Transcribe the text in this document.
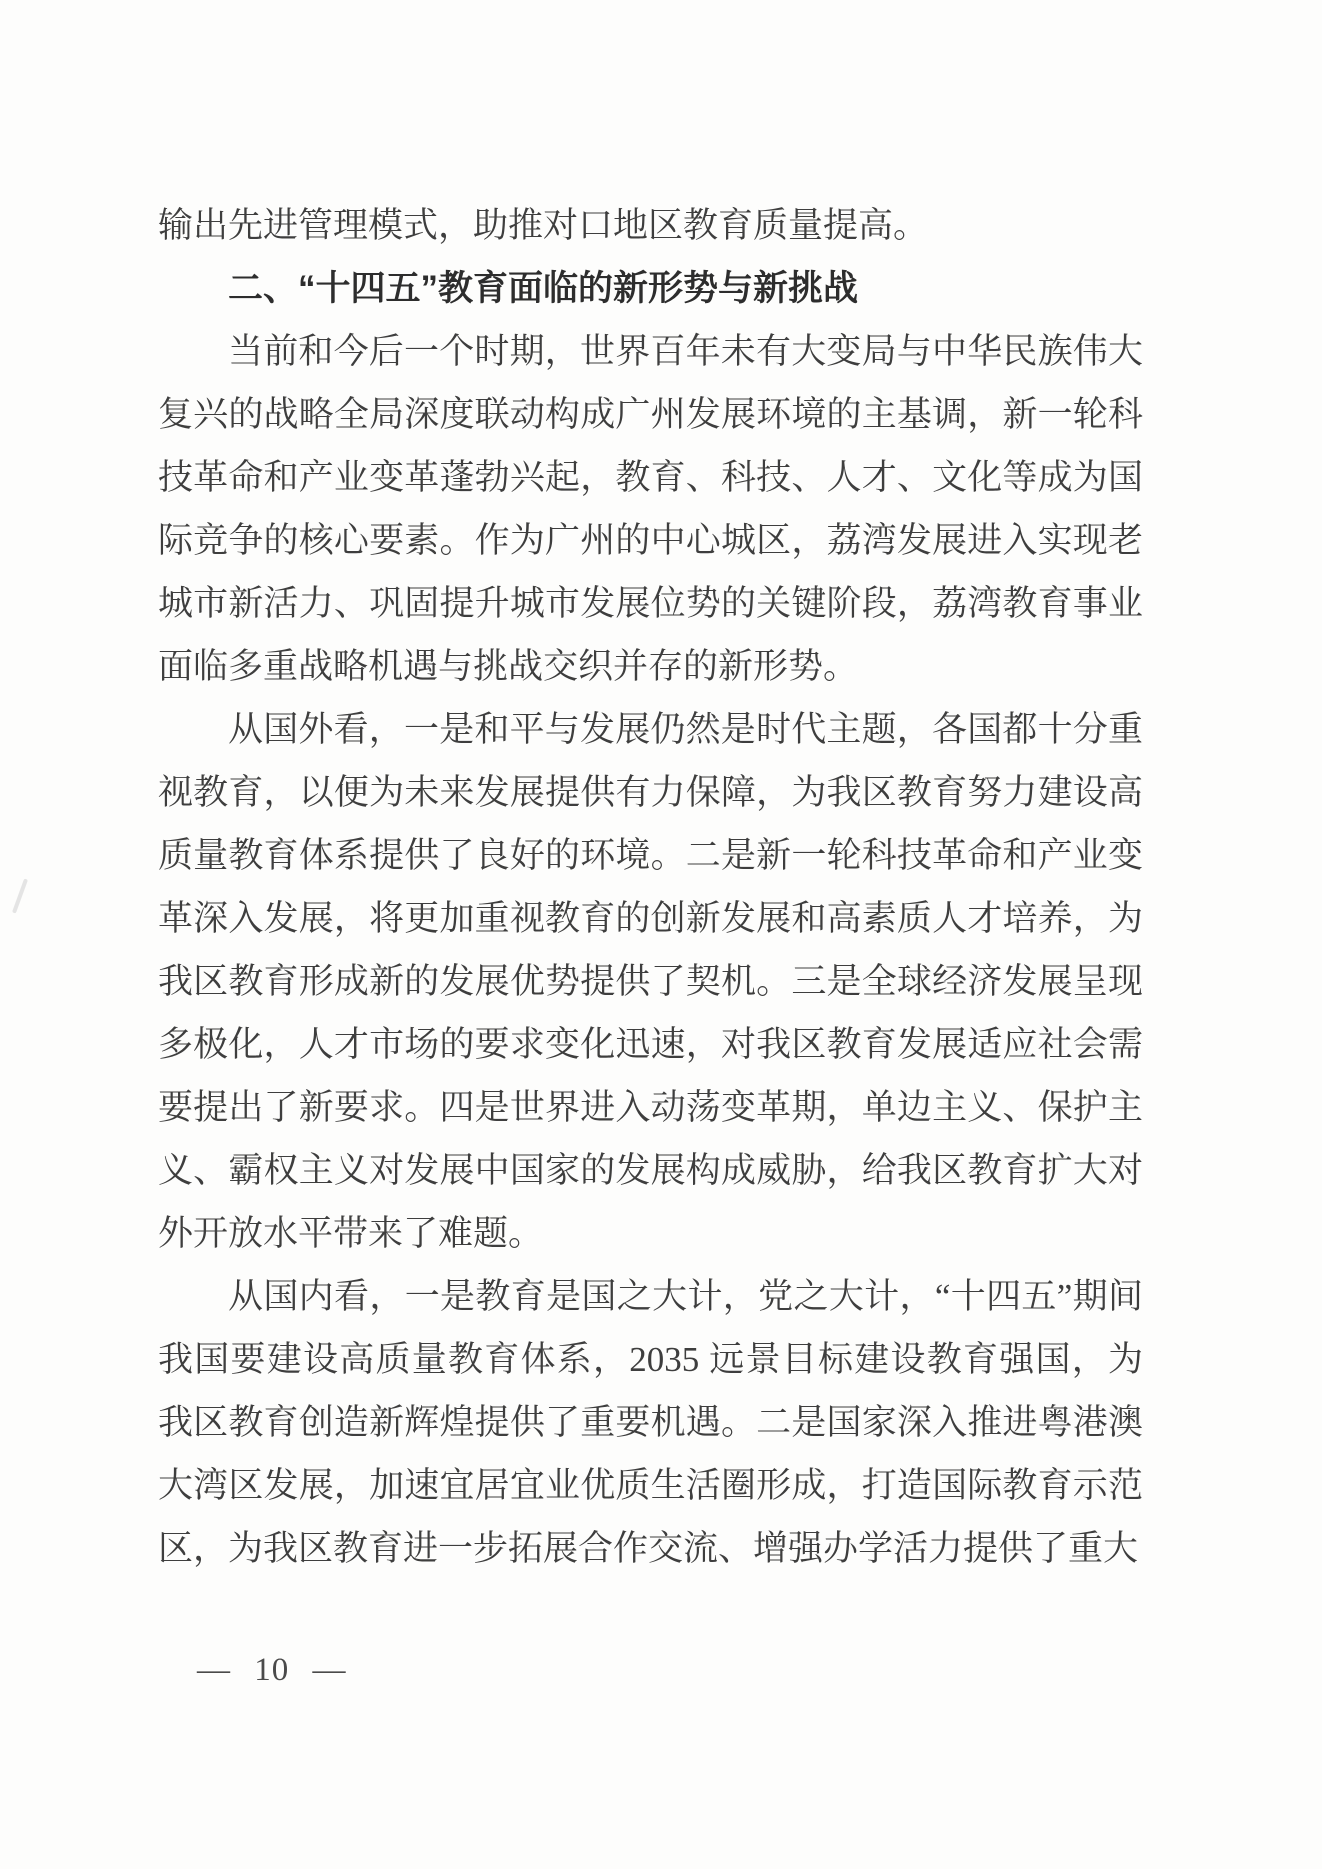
输出先进管理模式，助推对口地区教育质量提高。

二、“十四五”教育面临的新形势与新挑战

当前和今后一个时期，世界百年未有大变局与中华民族伟大复兴的战略全局深度联动构成广州发展环境的主基调，新一轮科技革命和产业变革蓬勃兴起，教育、科技、人才、文化等成为国际竞争的核心要素。作为广州的中心城区，荔湾发展进入实现老城市新活力、巩固提升城市发展位势的关键阶段，荔湾教育事业面临多重战略机遇与挑战交织并存的新形势。

从国外看，一是和平与发展仍然是时代主题，各国都十分重视教育，以便为未来发展提供有力保障，为我区教育努力建设高质量教育体系提供了良好的环境。二是新一轮科技革命和产业变革深入发展，将更加重视教育的创新发展和高素质人才培养，为我区教育形成新的发展优势提供了契机。三是全球经济发展呈现多极化，人才市场的要求变化迅速，对我区教育发展适应社会需要提出了新要求。四是世界进入动荡变革期，单边主义、保护主义、霸权主义对发展中国家的发展构成威胁，给我区教育扩大对外开放水平带来了难题。

从国内看，一是教育是国之大计，党之大计，“十四五”期间我国要建设高质量教育体系，2035 远景目标建设教育强国，为我区教育创造新辉煌提供了重要机遇。二是国家深入推进粤港澳大湾区发展，加速宜居宜业优质生活圈形成，打造国际教育示范区，为我区教育进一步拓展合作交流、增强办学活力提供了重大

— 10 —
